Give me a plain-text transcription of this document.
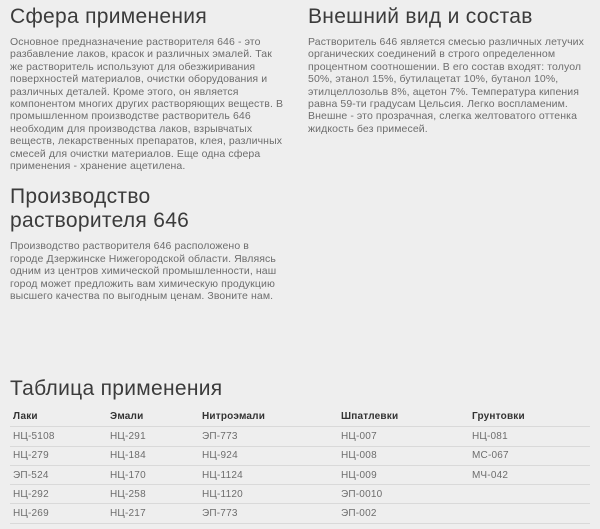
Сфера применения

Основное предназначение растворителя 646 - это разбавление лаков, красок и различных эмалей. Так же растворитель используют для обезжиривания поверхностей материалов, очистки оборудования и различных деталей. Кроме этого, он является компонентом многих других растворяющих веществ. В промышленном производстве растворитель 646 необходим для производства лаков, взрывчатых веществ, лекарственных препаратов, клея, различных смесей для очистки материалов. Еще одна сфера применения - хранение ацетилена.

Производство растворителя 646

Производство растворителя 646 расположено в городе Дзержинске Нижегородской области. Являясь одним из центров химической промышленности, наш город может предложить вам химическую продукцию высшего качества по выгодным ценам. Звоните нам.

Внешний вид и состав

Растворитель 646 является смесью различных летучих органических соединений в строго определенном процентном соотношении. В его состав входят: толуол 50%, этанол 15%, бутилацетат 10%, бутанол 10%, этилцеллозольв 8%, ацетон 7%. Температура кипения равна 59-ти градусам Цельсия. Легко воспламеним. Внешне - это прозрачная, слегка желтоватого оттенка жидкость без примесей.

Таблица применения
Лаки	Эмали	Нитроэмали	Шпатлевки	Грунтовки
НЦ-5108	НЦ-291	ЭП-773	НЦ-007	НЦ-081
НЦ-279	НЦ-184	НЦ-924	НЦ-008	МС-067
ЭП-524	НЦ-170	НЦ-1124	НЦ-009	МЧ-042
НЦ-292	НЦ-258	НЦ-1120	ЭП-0010	
НЦ-269	НЦ-217	ЭП-773	ЭП-002	
